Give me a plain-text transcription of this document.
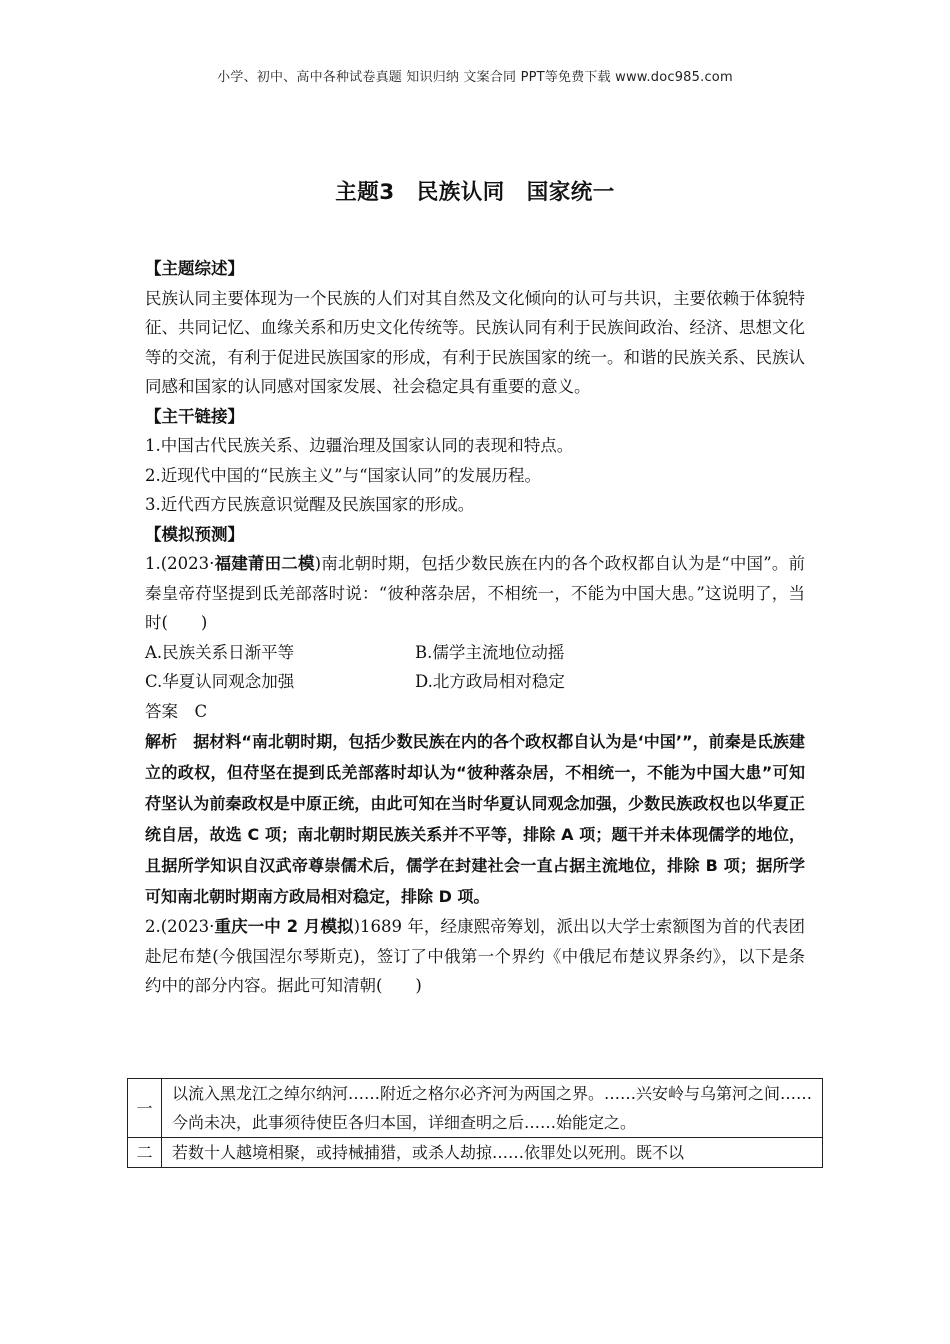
小学、初中、高中各种试卷真题 知识归纳 文案合同 PPT等免费下载 www.doc985.com
主题3　民族认同　国家统一

【主题综述】

民族认同主要体现为一个民族的人们对其自然及文化倾向的认可与共识，主要依赖于体貌特征、共同记忆、血缘关系和历史文化传统等。民族认同有利于民族间政治、经济、思想文化等的交流，有利于促进民族国家的形成，有利于民族国家的统一。和谐的民族关系、民族认同感和国家的认同感对国家发展、社会稳定具有重要的意义。

【主干链接】

1.中国古代民族关系、边疆治理及国家认同的表现和特点。

2.近现代中国的“民族主义”与“国家认同”的发展历程。

3.近代西方民族意识觉醒及民族国家的形成。

【模拟预测】

1.(2023·福建莆田二模)南北朝时期，包括少数民族在内的各个政权都自认为是“中国”。前秦皇帝苻坚提到氐羌部落时说：“彼种落杂居，不相统一，不能为中国大患。”这说明了，当时(　　)

A.民族关系日渐平等	B.儒学主流地位动摇
C.华夏认同观念加强	D.北方政局相对稳定

答案　C

解析　据材料“南北朝时期，包括少数民族在内的各个政权都自认为是‘中国’”，前秦是氐族建立的政权，但苻坚在提到氐羌部落时却认为“彼种落杂居，不相统一，不能为中国大患”可知苻坚认为前秦政权是中原正统，由此可知在当时华夏认同观念加强，少数民族政权也以华夏正统自居，故选 C 项；南北朝时期民族关系并不平等，排除 A 项；题干并未体现儒学的地位，且据所学知识自汉武帝尊崇儒术后，儒学在封建社会一直占据主流地位，排除 B 项；据所学可知南北朝时期南方政局相对稳定，排除 D 项。

2.(2023·重庆一中 2 月模拟)1689 年，经康熙帝筹划，派出以大学士索额图为首的代表团赴尼布楚(今俄国涅尔琴斯克)，签订了中俄第一个界约《中俄尼布楚议界条约》，以下是条约中的部分内容。据此可知清朝(　　)

一	以流入黑龙江之绰尔纳河……附近之格尔必齐河为两国之界。……兴安岭与乌第河之间……今尚未决，此事须待使臣各归本国，详细查明之后……始能定之。
二	若数十人越境相聚，或持械捕猎，或杀人劫掠……依罪处以死刑。既不以
